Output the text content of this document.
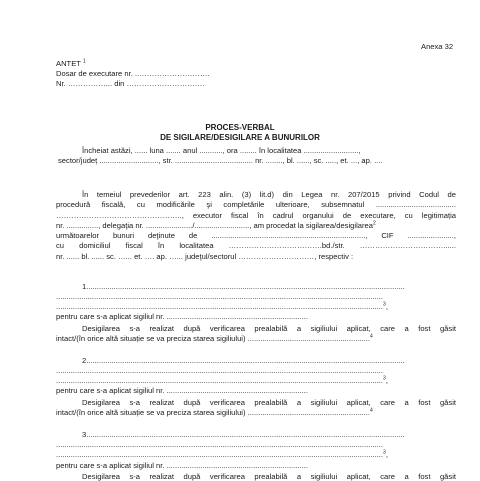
Anexa 32
ANTET $^1$
Dosar de executare nr. ..……………………….
Nr. ……………... din ………………………….
PROCES-VERBAL
DE SIGILARE/DESIGILARE A BUNURILOR
Încheiat astăzi, ...... luna ....... anul ..........., ora ........ în localitatea ..........................,
sector/județ ............................, str. ..................................... nr. ........, bl. ......, sc. ....., et. ..., ap. ....
În temeiul prevederilor art. 223 alin. (3) lit.d) din Legea nr. 207/2015 privind Codul de
procedură fiscală, cu modificările şi completările ulterioare, subsemnatul ......................................
………………………………………….., executor fiscal în cadrul organului de executare, cu legitimația
nr. ..............., delegaţia nr. ....................../.........................., am procedat la sigilarea/desigilarea$^2$
următoarelor bunuri deţinute de ........................................................................., CIF ......................,
cu domiciliul fiscal în localitatea ……………………………….bd./str. ……………………………......
nr. ...... bl. ...... sc. …... et. …. ap. …... judeţul/sectorul …………………………, respectiv :
1.......................................................................................................................................................
...........................................................................................................................................................
...........................................................................................................................................................$^3$,
pentru care s-a aplicat sigiliul nr. ...................................................................
Desigilarea s-a realizat după verificarea prealabilă a sigiliului aplicat, care a fost găsit
intact/(în orice altă situație se va preciza starea sigiliului) ..........................................................$^4$
2.......................................................................................................................................................
...........................................................................................................................................................
...........................................................................................................................................................$^3$,
pentru care s-a aplicat sigiliul nr. ...................................................................
Desigilarea s-a realizat după verificarea prealabilă a sigiliului aplicat, care a fost găsit
intact/(în orice altă situație se va preciza starea sigiliului) ..........................................................$^4$
3.......................................................................................................................................................
...........................................................................................................................................................
...........................................................................................................................................................$^3$,
pentru care s-a aplicat sigiliul nr. ...................................................................
Desigilarea s-a realizat după verificarea prealabilă a sigiliului aplicat, care a fost găsit
